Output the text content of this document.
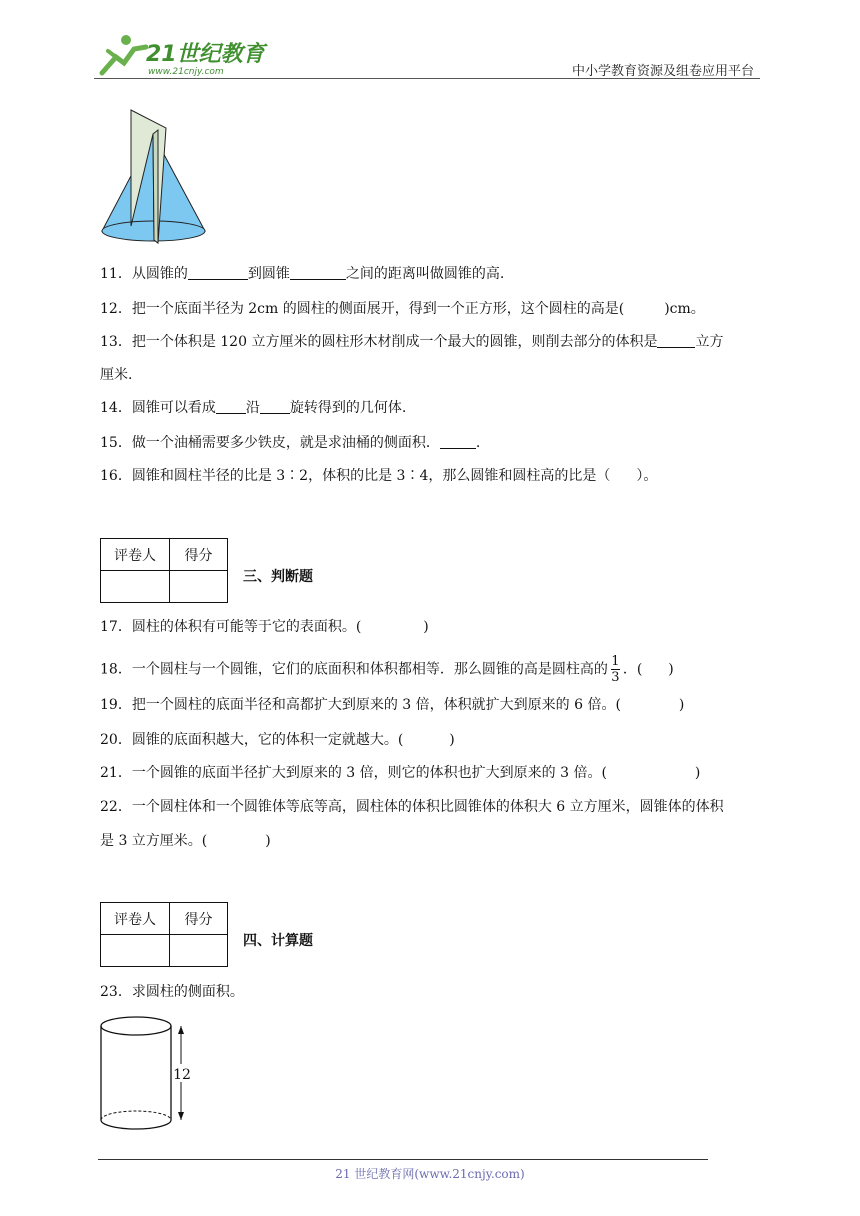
21世纪教育
www.21cnjy.com	中小学教育资源及组卷应用平台
11．从圆锥的	到圆锥	之间的距离叫做圆锥的高.
12．把一个底面半径为 2cm 的圆柱的侧面展开，得到一个正方形，这个圆柱的高是(	)cm。
13．把一个体积是 120 立方厘米的圆柱形木材削成一个最大的圆锥，则削去部分的体积是	立方
厘米.
14．圆锥可以看成 沿 旋转得到的几何体.
15．做一个油桶需要多少铁皮，就是求油桶的侧面积．	.
16．圆锥和圆柱半径的比是 3∶2，体积的比是 3∶4，那么圆锥和圆柱高的比是（ ）。
评卷人	得分

三、判断题
17．圆柱的体积有可能等于它的表面积。(	)
18．一个圆柱与一个圆锥，它们的底面积和体积都相等．那么圆锥的高是圆柱高的 $\frac{1}{3}$ ．( )
19．把一个圆柱的底面半径和高都扩大到原来的 3 倍，体积就扩大到原来的 6 倍。(	)
20．圆锥的底面积越大，它的体积一定就越大。(	)
21．一个圆锥的底面半径扩大到原来的 3 倍，则它的体积也扩大到原来的 3 倍。(	)
22．一个圆柱体和一个圆锥体等底等高，圆柱体的体积比圆锥体的体积大 6 立方厘米，圆锥体的体积
是 3 立方厘米。(	)
评卷人	得分

四、计算题
23．求圆柱的侧面积。
12
21 世纪教育网(www.21cnjy.com)
